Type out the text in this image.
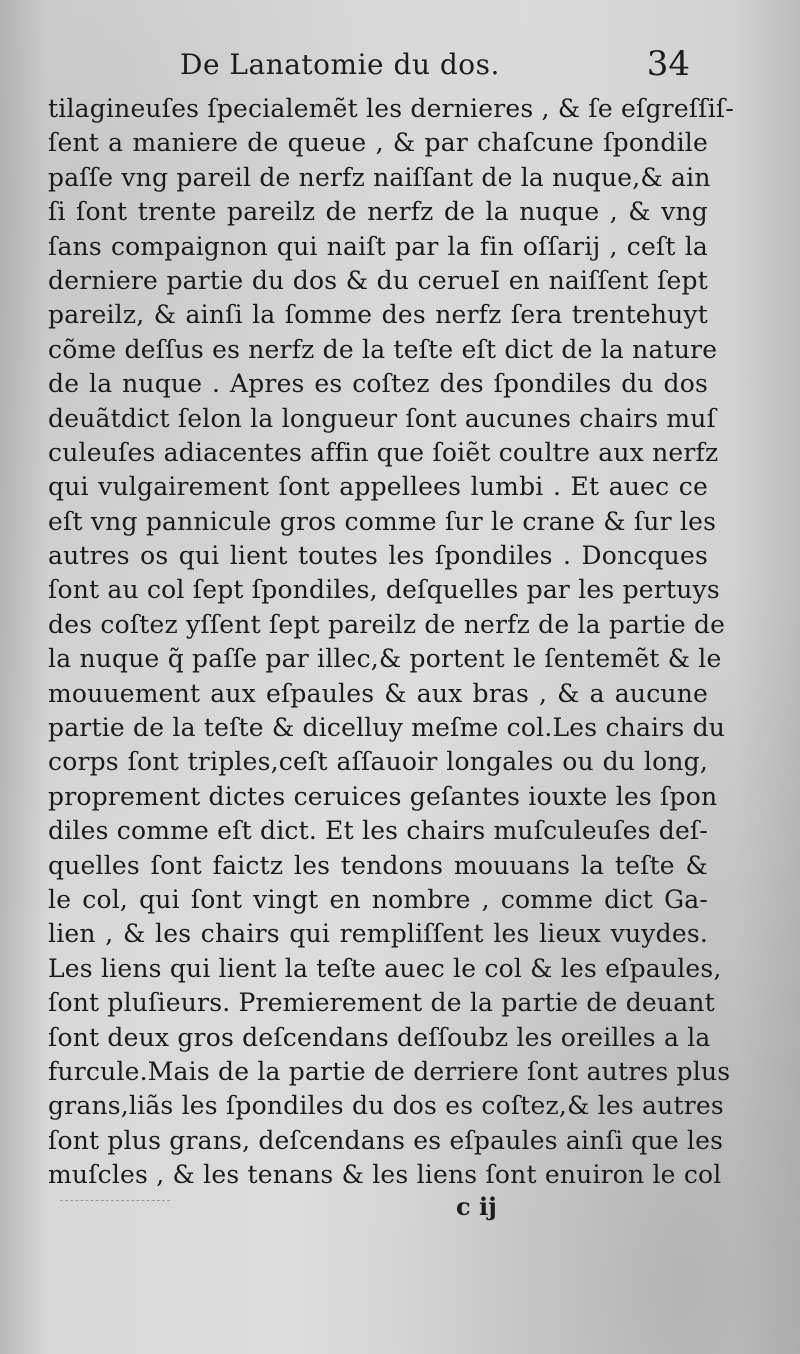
De Lanatomie du dos.	34
tilagineuſes ſpecialemẽt les dernieres , & ſe eſgreſſiſ-
ſent a maniere de queue , & par chaſcune ſpondile
paſſe vng pareil de nerfz naiſſant de la nuque,& ain
ſi ſont trente pareilz de nerfz de la nuque , & vng
ſans compaignon qui naiſt par la fin oſſarij , ceſt la
derniere partie du dos & du cerueI en naiſſent ſept
pareilz, & ainſi la ſomme des nerfz ſera trentehuyt
cõme deſſus es nerfz de la teſte eſt dict de la nature
de la nuque . Apres es coſtez des ſpondiles du dos
deuãtdict ſelon la longueur ſont aucunes chairs muſ
culeuſes adiacentes affin que ſoiẽt coultre aux nerfz
qui vulgairement ſont appellees lumbi . Et auec ce
eſt vng pannicule gros comme ſur le crane & ſur les
autres os qui lient toutes les ſpondiles . Doncques
ſont au col ſept ſpondiles, deſquelles par les pertuys
des coſtez yſſent ſept pareilz de nerfz de la partie de
la nuque q̃ paſſe par illec,& portent le ſentemẽt & le
mouuement aux eſpaules & aux bras , & a aucune
partie de la teſte & dicelluy meſme col.Les chairs du
corps ſont triples,ceſt aſſauoir longales ou du long,
proprement dictes ceruices geſantes iouxte les ſpon
diles comme eſt dict. Et les chairs muſculeuſes deſ-
quelles ſont faictz les tendons mouuans la teſte &
le col, qui ſont vingt en nombre , comme dict Ga-
lien , & les chairs qui rempliſſent les lieux vuydes.
Les liens qui lient la teſte auec le col & les eſpaules,
ſont pluſieurs. Premierement de la partie de deuant
ſont deux gros deſcendans deſſoubz les oreilles a la
furcule.Mais de la partie de derriere ſont autres plus
grans,liãs les ſpondiles du dos es coſtez,& les autres
ſont plus grans, deſcendans es eſpaules ainſi que les
muſcles , & les tenans & les liens ſont enuiron le col
c ij
